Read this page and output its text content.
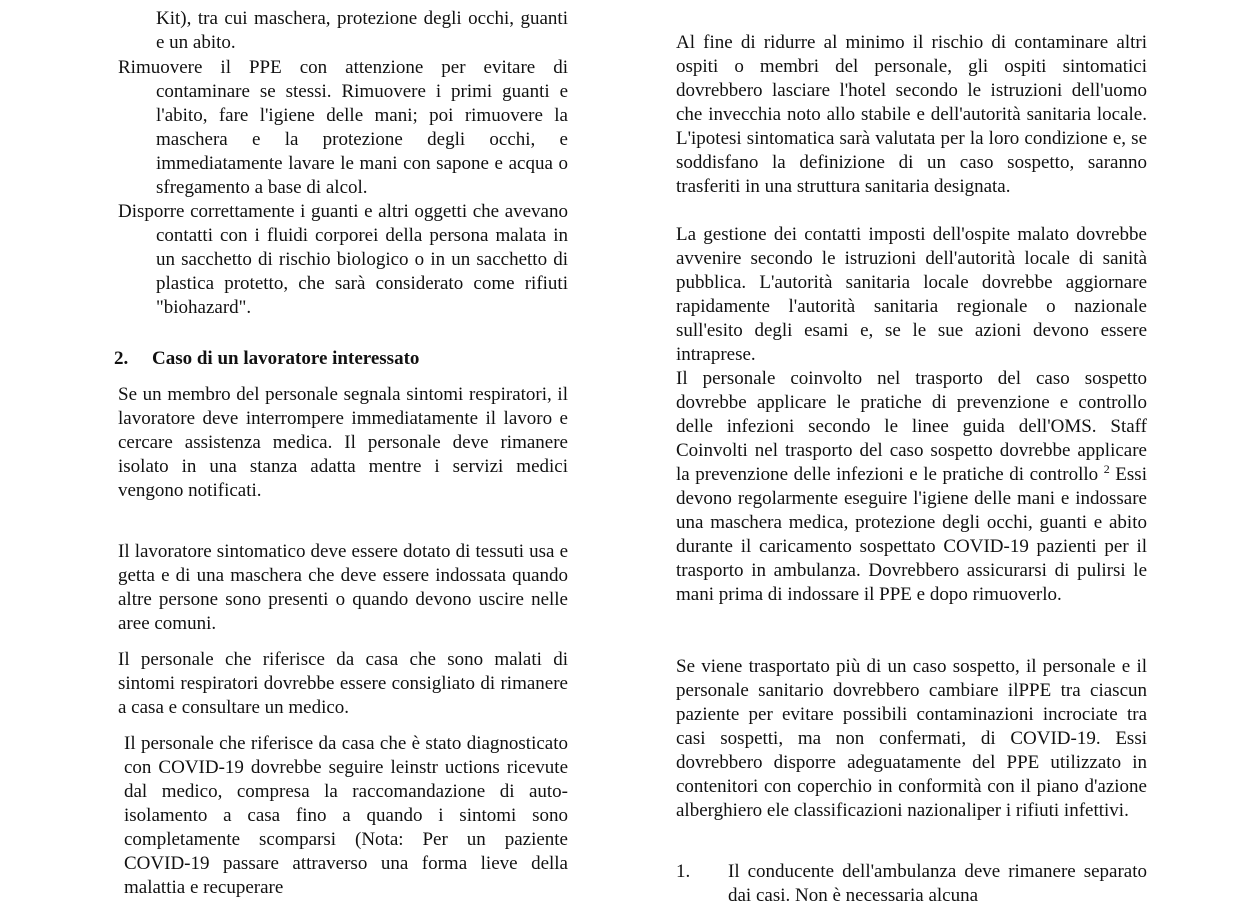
Kit), tra cui maschera, protezione degli occhi, guanti e un abito.

Rimuovere il PPE con attenzione per evitare di contaminare se stessi. Rimuovere i primi guanti e l'abito, fare l'igiene delle mani; poi rimuovere la maschera e la protezione degli occhi, e immediatamente lavare le mani con sapone e acqua o sfregamento a base di alcol.

Disporre correttamente i guanti e altri oggetti che avevano contatti con i fluidi corporei della persona malata in un sacchetto di rischio biologico o in un sacchetto di plastica protetto, che sarà considerato come rifiuti "biohazard".

2.	Caso di un lavoratore interessato

Se un membro del personale segnala sintomi respiratori, il lavoratore deve interrompere immediatamente il lavoro e cercare assistenza medica. Il personale deve rimanere isolato in una stanza adatta mentre i servizi medici vengono notificati.

Il lavoratore sintomatico deve essere dotato di tessuti usa e getta e di una maschera che deve essere indossata quando altre persone sono presenti o quando devono uscire nelle aree comuni.

Il personale che riferisce da casa che sono malati di sintomi respiratori dovrebbe essere consigliato di rimanere a casa e consultare un medico.

Il personale che riferisce da casa che è stato diagnosticato con COVID-19 dovrebbe seguire leinstr uctions ricevute dal medico, compresa la raccomandazione di auto-isolamento a casa fino a quando i sintomi sono completamente scomparsi (Nota: Per un paziente COVID-19 passare attraverso una forma lieve della malattia e recuperare

Al fine di ridurre al minimo il rischio di contaminare altri ospiti o membri del personale, gli ospiti sintomatici dovrebbero lasciare l'hotel secondo le istruzioni dell'uomo che invecchia noto allo stabile e dell'autorità sanitaria locale. L'ipotesi sintomatica sarà valutata per la loro condizione e, se soddisfano la definizione di un caso sospetto, saranno trasferiti in una struttura sanitaria designata.

La gestione dei contatti imposti dell'ospite malato dovrebbe avvenire secondo le istruzioni dell'autorità locale di sanità pubblica. L'autorità sanitaria locale dovrebbe aggiornare rapidamente l'autorità sanitaria regionale o nazionale sull'esito degli esami e, se le sue azioni devono essere intraprese.

Il personale coinvolto nel trasporto del caso sospetto dovrebbe applicare le pratiche di prevenzione e controllo delle infezioni secondo le linee guida dell'OMS. Staff Coinvolti nel trasporto del caso sospetto dovrebbe applicare la prevenzione delle infezioni e le pratiche di controllo $^2$ Essi devono regolarmente eseguire l'igiene delle mani e indossare una maschera medica, protezione degli occhi, guanti e abito durante il caricamento sospettato COVID-19 pazienti per il trasporto in ambulanza. Dovrebbero assicurarsi di pulirsi le mani prima di indossare il PPE e dopo rimuoverlo.

Se viene trasportato più di un caso sospetto, il personale e il personale sanitario dovrebbero cambiare ilPPE tra ciascun paziente per evitare possibili contaminazioni incrociate tra casi sospetti, ma non confermati, di COVID-19. Essi dovrebbero disporre adeguatamente del PPE utilizzato in contenitori con coperchio in conformità con il piano d'azione alberghiero ele classificazioni nazionaliper i rifiuti infettivi.

1.	Il conducente dell'ambulanza deve rimanere separato dai casi. Non è necessaria alcuna
